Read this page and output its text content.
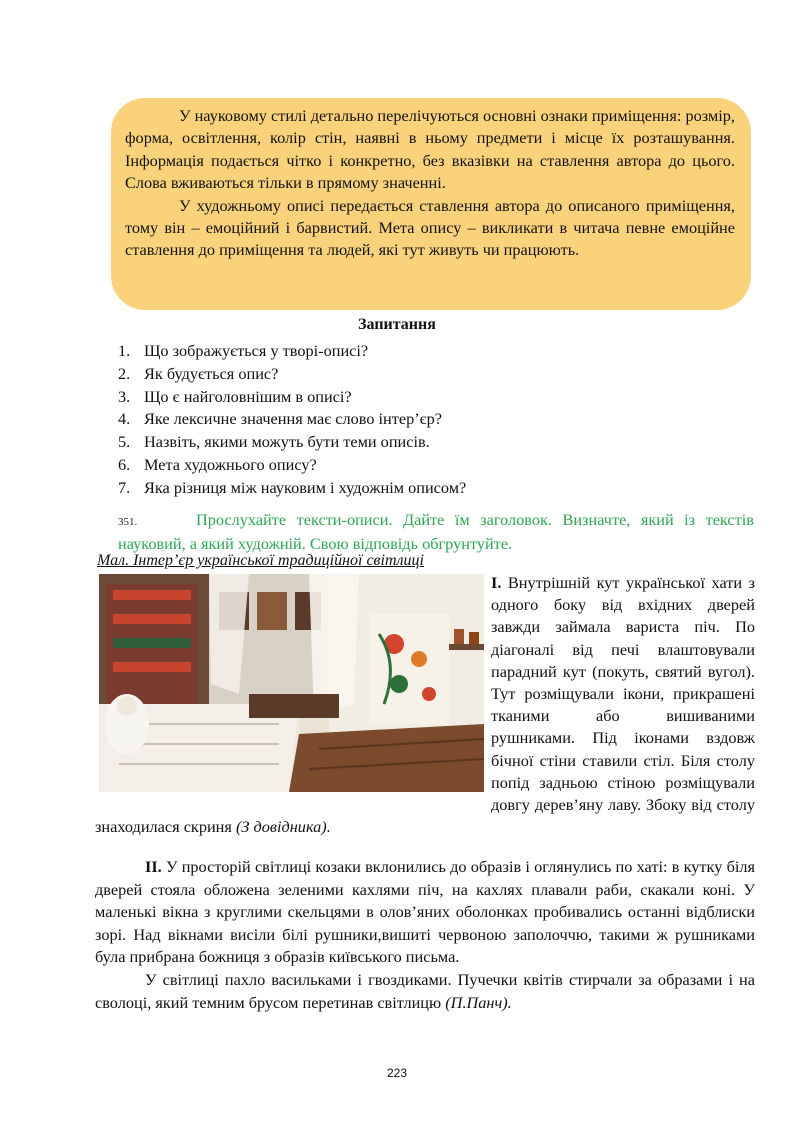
У науковому стилі детально перелічуються основні ознаки приміщення: розмір, форма, освітлення, колір стін, наявні в ньому предмети і місце їх розташування. Інформація подається чітко і конкретно, без вказівки на ставлення автора до цього. Слова вживаються тільки в прямому значенні.

У художньому описі передається ставлення автора до описаного приміщення, тому він – емоційний і барвистий. Мета опису – викликати в читача певне емоційне ставлення до приміщення та людей, які тут живуть чи працюють.

Запитання
1. Що зображується у творі-описі?
2. Як будується опис?
3. Що є найголовнішим в описі?
4. Яке лексичне значення має слово інтер’єр?
5. Назвіть, якими можуть бути теми описів.
6. Мета художнього опису?
7. Яка різниця між науковим і художнім описом?
351.	Прослухайте тексти-описи. Дайте їм заголовок. Визначте, який із текстів науковий, а який художній. Свою відповідь обгрунтуйте.
Мал. Інтер’єр української традиційної світлиці

І. Внутрішній кут української хати з одного боку від вхідних дверей завжди займала вариста піч. По діагоналі від печі влаштовували парадний кут (покуть, святий вугол). Тут розміщували ікони, прикрашені тканими або вишиваними рушниками. Під іконами вздовж бічної стіни ставили стіл. Біля столу попід задньою стіною розміщували довгу дерев’яну лаву. Збоку від столу знаходилася скриня (З довідника).

ІІ. У просторій світлиці козаки вклонились до образів і оглянулись по хаті: в кутку біля дверей стояла обложена зеленими кахлями піч, на кахлях плавали раби, скакали коні. У маленькі вікна з круглими скельцями в олов’яних оболонках пробивались останні відблиски зорі. Над вікнами висіли білі рушники,вишиті червоною заполоччю, такими ж рушниками була прибрана божниця з образів київського письма.

У світлиці пахло васильками і гвоздиками. Пучечки квітів стирчали за образами і на сволоці, який темним брусом перетинав світлицю (П.Панч).

223
